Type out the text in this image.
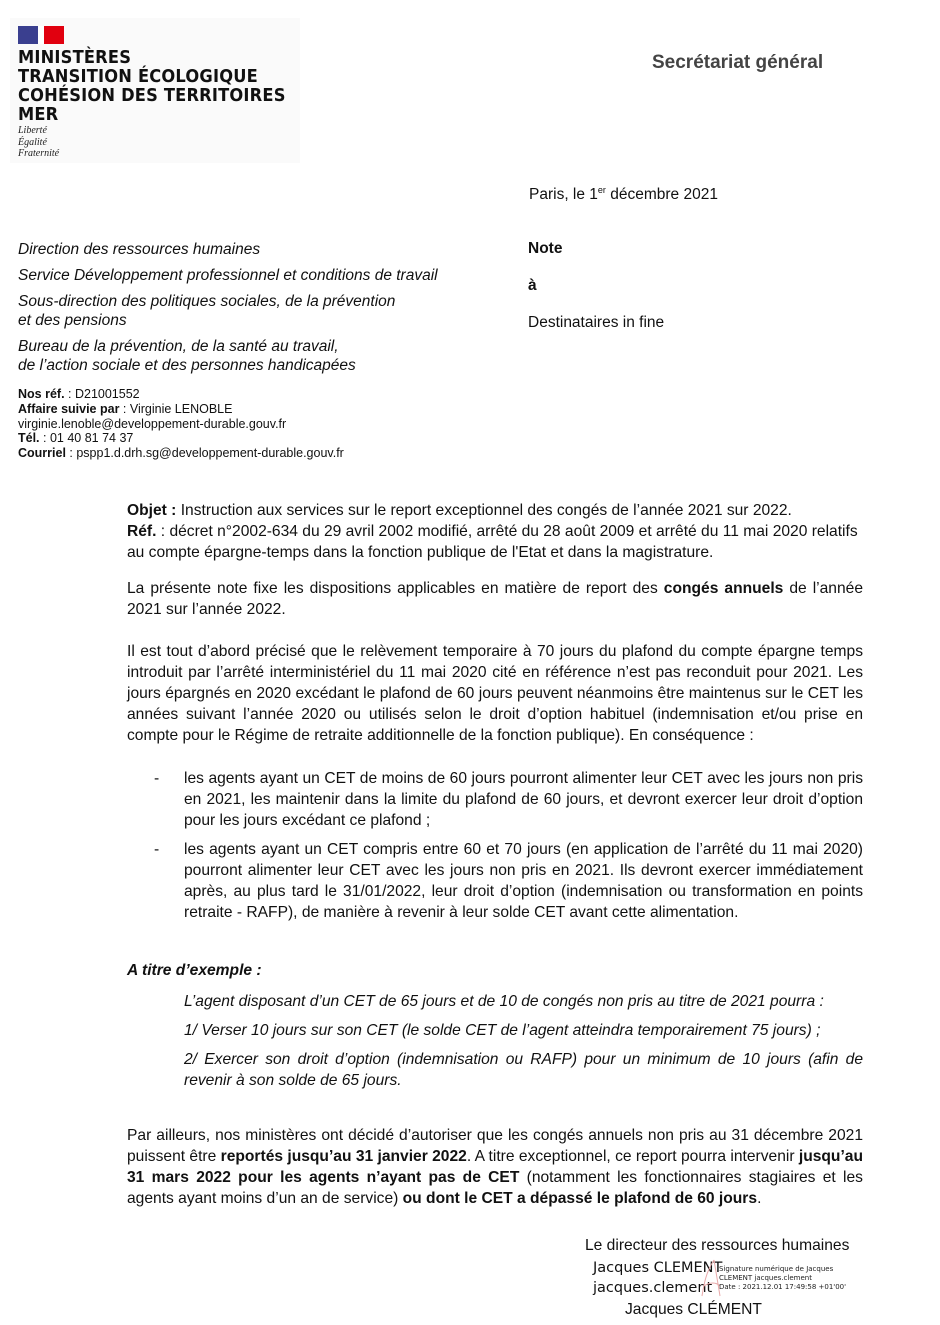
MINISTÈRES
TRANSITION ÉCOLOGIQUE
COHÉSION DES TERRITOIRES
MER
Liberté
Égalité
Fraternité
Secrétariat général
Paris, le 1er décembre 2021
Direction des ressources humaines
Service Développement professionnel et conditions de travail
Sous-direction des politiques sociales, de la prévention
et des pensions
Bureau de la prévention, de la santé au travail,
de l’action sociale et des personnes handicapées
Note
à
Destinataires in fine
Nos réf. : D21001552
Affaire suivie par : Virginie LENOBLE
virginie.lenoble@developpement-durable.gouv.fr
Tél. : 01 40 81 74 37
Courriel : pspp1.d.drh.sg@developpement-durable.gouv.fr

Objet : Instruction aux services sur le report exceptionnel des congés de l’année 2021 sur 2022.

Réf. : décret n°2002-634 du 29 avril 2002 modifié, arrêté du 28 août 2009 et arrêté du 11 mai 2020 relatifs au compte épargne-temps dans la fonction publique de l'Etat et dans la magistrature.

La présente note fixe les dispositions applicables en matière de report des congés annuels de l’année 2021 sur l’année 2022.

Il est tout d’abord précisé que le relèvement temporaire à 70 jours du plafond du compte épargne temps introduit par l’arrêté interministériel du 11 mai 2020 cité en référence n’est pas reconduit pour 2021. Les jours épargnés en 2020 excédant le plafond de 60 jours peuvent néanmoins être maintenus sur le CET les années suivant l’année 2020 ou utilisés selon le droit d’option habituel (indemnisation et/ou prise en compte pour le Régime de retraite additionnelle de la fonction publique). En conséquence :

-	les agents ayant un CET de moins de 60 jours pourront alimenter leur CET avec les jours non pris en 2021, les maintenir dans la limite du plafond de 60 jours, et devront exercer leur droit d’option pour les jours excédant ce plafond ;
-	les agents ayant un CET compris entre 60 et 70 jours (en application de l’arrêté du 11 mai 2020) pourront alimenter leur CET avec les jours non pris en 2021. Ils devront exercer immédiatement après, au plus tard le 31/01/2022, leur droit d’option (indemnisation ou transformation en points retraite - RAFP), de manière à revenir à leur solde CET avant cette alimentation.
A titre d’exemple :

L’agent disposant d’un CET de 65 jours et de 10 de congés non pris au titre de 2021 pourra :

1/ Verser 10 jours sur son CET (le solde CET de l’agent atteindra temporairement 75 jours) ;

2/ Exercer son droit d’option (indemnisation ou RAFP) pour un minimum de 10 jours (afin de revenir à son solde de 65 jours.

Par ailleurs, nos ministères ont décidé d’autoriser que les congés annuels non pris au 31 décembre 2021 puissent être reportés jusqu’au 31 janvier 2022. A titre exceptionnel, ce report pourra intervenir jusqu’au 31 mars 2022 pour les agents n’ayant pas de CET (notamment les fonctionnaires stagiaires et les agents ayant moins d’un an de service) ou dont le CET a dépassé le plafond de 60 jours.

Le directeur des ressources humaines
Jacques CLEMENT
jacques.clement
Signature numérique de Jacques
CLEMENT jacques.clement
Date : 2021.12.01 17:49:58 +01'00'
Jacques CLÉMENT
